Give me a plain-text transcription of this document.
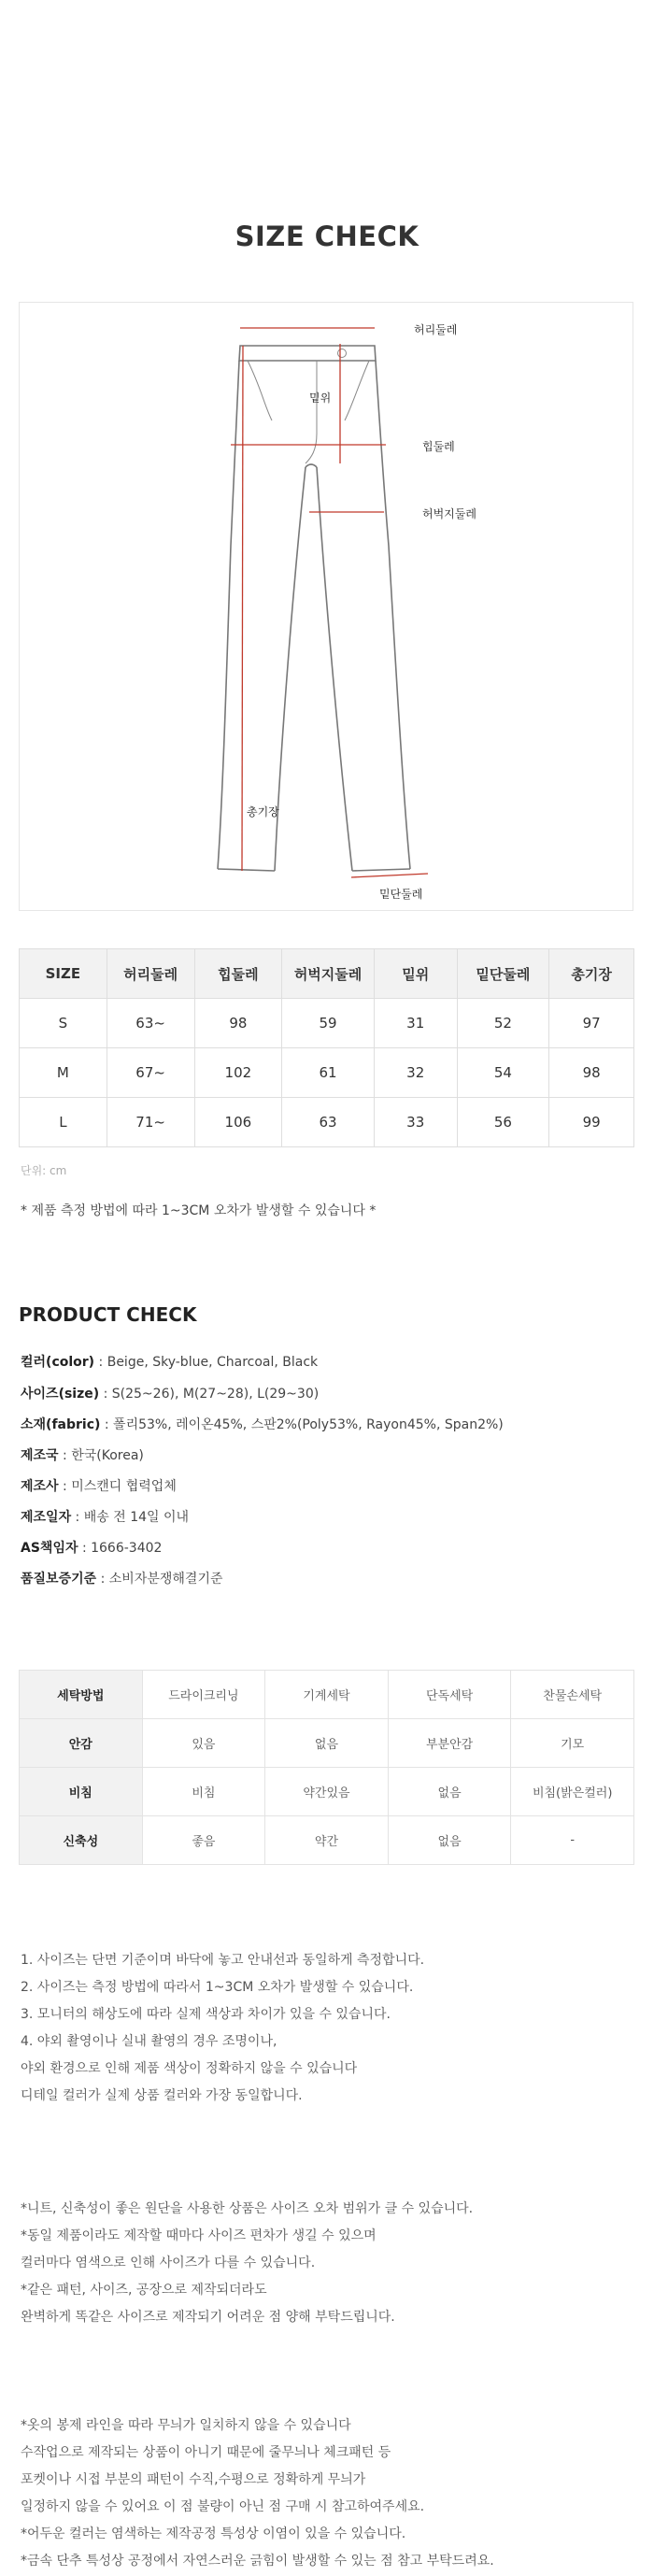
SIZE CHECK
허리둘레
밑위
힙둘레
허벅지둘레
총기장
밑단둘레
SIZE	허리둘레	힙둘레	허벅지둘레	밑위	밑단둘레	총기장
S	63~	98	59	31	52	97
M	67~	102	61	32	54	98
L	71~	106	63	33	56	99
단위: cm
* 제품 측정 방법에 따라 1~3CM 오차가 발생할 수 있습니다 *
PRODUCT CHECK
컬러(color) : Beige, Sky-blue, Charcoal, Black
사이즈(size) : S(25~26), M(27~28), L(29~30)
소재(fabric) : 폴리53%, 레이온45%, 스판2%(Poly53%, Rayon45%, Span2%)
제조국 : 한국(Korea)
제조사 : 미스캔디 협력업체
제조일자 : 배송 전 14일 이내
AS책임자 : 1666-3402
품질보증기준 : 소비자분쟁해결기준
세탁방법	드라이크리닝	기계세탁	단독세탁	찬물손세탁
안감	있음	없음	부분안감	기모
비침	비침	약간있음	없음	비침(밝은컬러)
신축성	좋음	약간	없음	-
1. 사이즈는 단면 기준이며 바닥에 놓고 안내선과 동일하게 측정합니다.
2. 사이즈는 측정 방법에 따라서 1~3CM 오차가 발생할 수 있습니다.
3. 모니터의 해상도에 따라 실제 색상과 차이가 있을 수 있습니다.
4. 야외 촬영이나 실내 촬영의 경우 조명이나,
야외 환경으로 인해 제품 색상이 정확하지 않을 수 있습니다
디테일 컬러가 실제 상품 컬러와 가장 동일합니다.
*니트, 신축성이 좋은 원단을 사용한 상품은 사이즈 오차 범위가 클 수 있습니다.
*동일 제품이라도 제작할 때마다 사이즈 편차가 생길 수 있으며
컬러마다 염색으로 인해 사이즈가 다를 수 있습니다.
*같은 패턴, 사이즈, 공장으로 제작되더라도
완벽하게 똑같은 사이즈로 제작되기 어려운 점 양해 부탁드립니다.
*옷의 봉제 라인을 따라 무늬가 일치하지 않을 수 있습니다
수작업으로 제작되는 상품이 아니기 때문에 줄무늬나 체크패턴 등
포켓이나 시접 부분의 패턴이 수직,수평으로 정확하게 무늬가
일정하지 않을 수 있어요 이 점 불량이 아닌 점 구매 시 참고하여주세요.
*어두운 컬러는 염색하는 제작공정 특성상 이염이 있을 수 있습니다.
*금속 단추 특성상 공정에서 자연스러운 긁힘이 발생할 수 있는 점 참고 부탁드려요.
